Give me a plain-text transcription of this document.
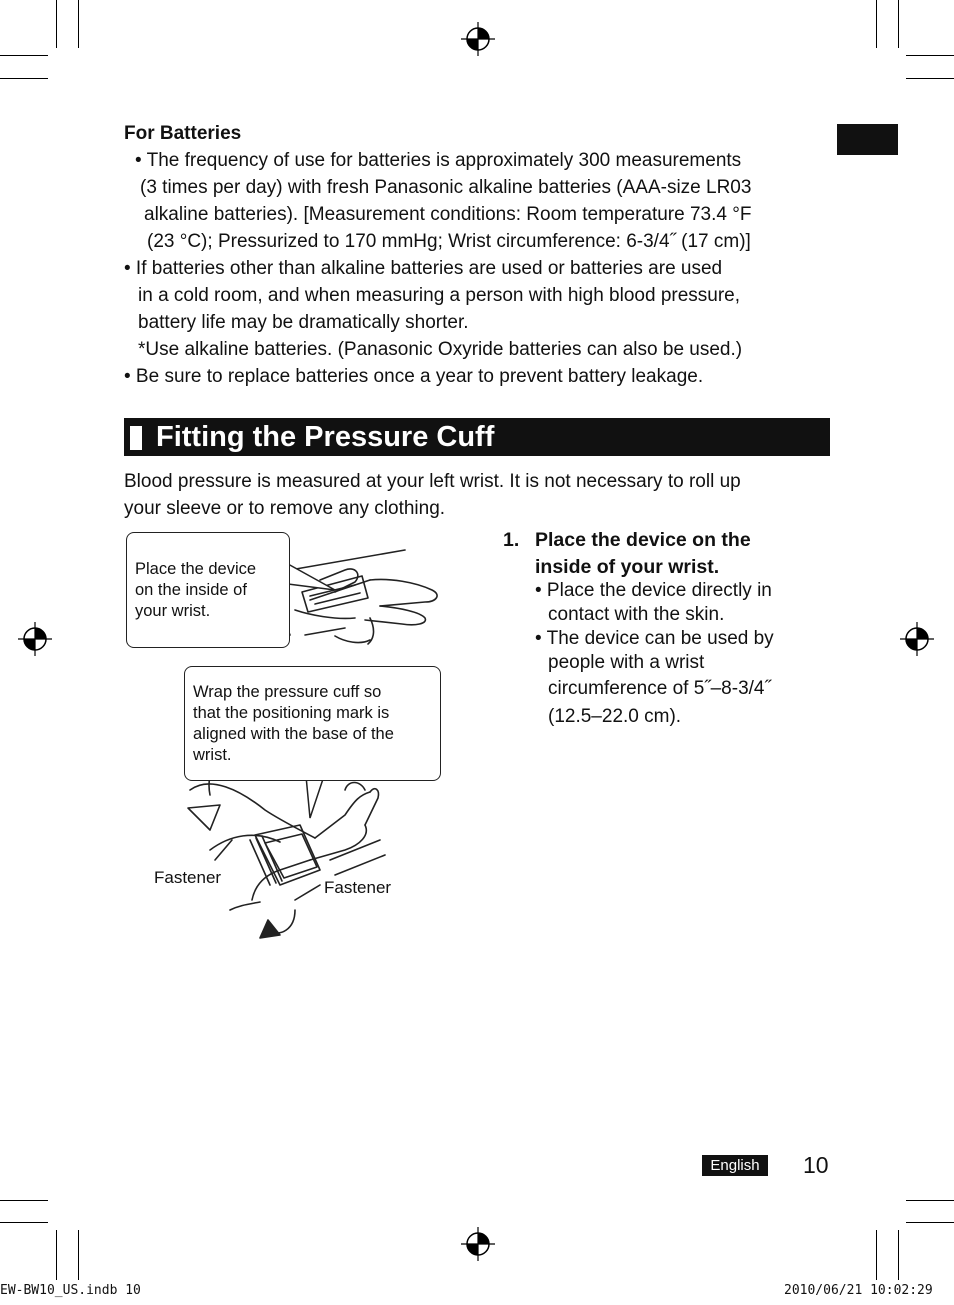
For Batteries
• The frequency of use for batteries is approximately 300 measurements
(3 times per day) with fresh Panasonic alkaline batteries (AAA-size LR03
alkaline batteries). [Measurement conditions: Room temperature 73.4 °F
(23 °C); Pressurized to 170 mmHg; Wrist circumference: 6-3/4˝ (17 cm)]
• If batteries other than alkaline batteries are used or batteries are used
in a cold room, and when measuring a person with high blood pressure,
battery life may be dramatically shorter.
*Use alkaline batteries. (Panasonic Oxyride batteries can also be used.)
• Be sure to replace batteries once a year to prevent battery leakage.
Fitting the Pressure Cuff
Blood pressure is measured at your left wrist. It is not necessary to roll up
your sleeve or to remove any clothing.
1. Place the device on the
inside of your wrist.
• Place the device directly in
contact with the skin.
• The device can be used by
people with a wrist
circumference of 5˝–8-3/4˝
(12.5–22.0 cm).
Place the device
on the inside of
your wrist.
Wrap the pressure cuff so
that the positioning mark is
aligned with the base of the
wrist.
Fastener
Fastener
English	10
EW-BW10_US.indb 10	2010/06/21 10:02:29
